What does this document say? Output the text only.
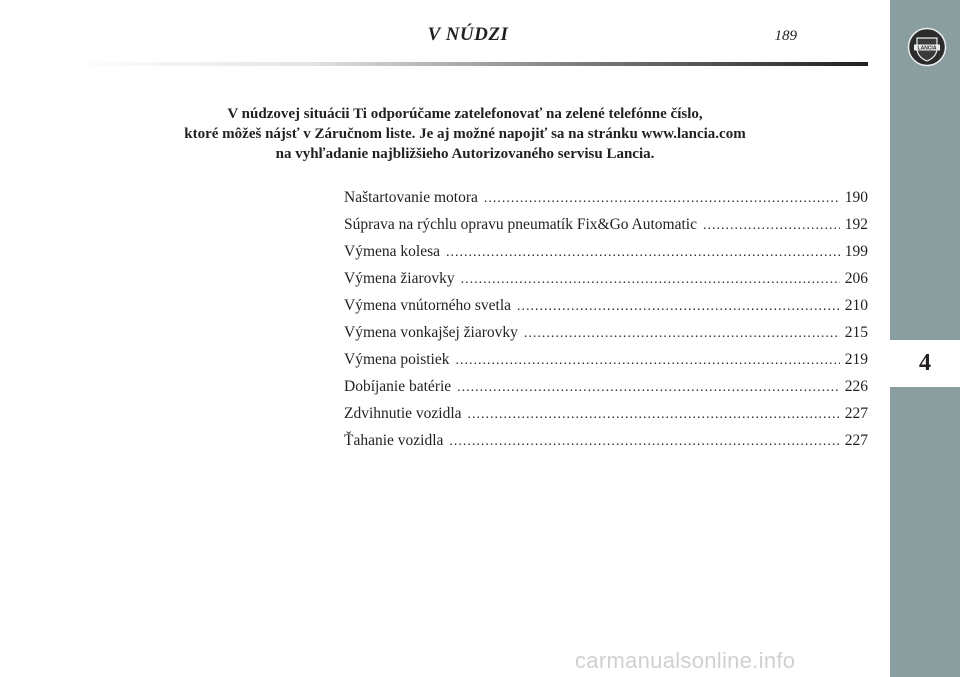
V NÚDZI	189
V núdzovej situácii Ti odporúčame zatelefonovať na zelené telefónne číslo,
ktoré môžeš nájsť v Záručnom liste. Je aj možné napojiť sa na stránku www.lancia.com
na vyhľadanie najbližšieho Autorizovaného servisu Lancia.
Naštartovanie motora .....	190
Súprava na rýchlu opravu pneumatík Fix&Go Automatic .....	192
Výmena kolesa .....	199
Výmena žiarovky .....	206
Výmena vnútorného svetla .....	210
Výmena vonkajšej žiarovky .....	215
Výmena poistiek .....	219
Dobíjanie batérie .....	226
Zdvihnutie vozidla .....	227
Ťahanie vozidla .....	227
carmanualsonline.info
LANCIA
4
